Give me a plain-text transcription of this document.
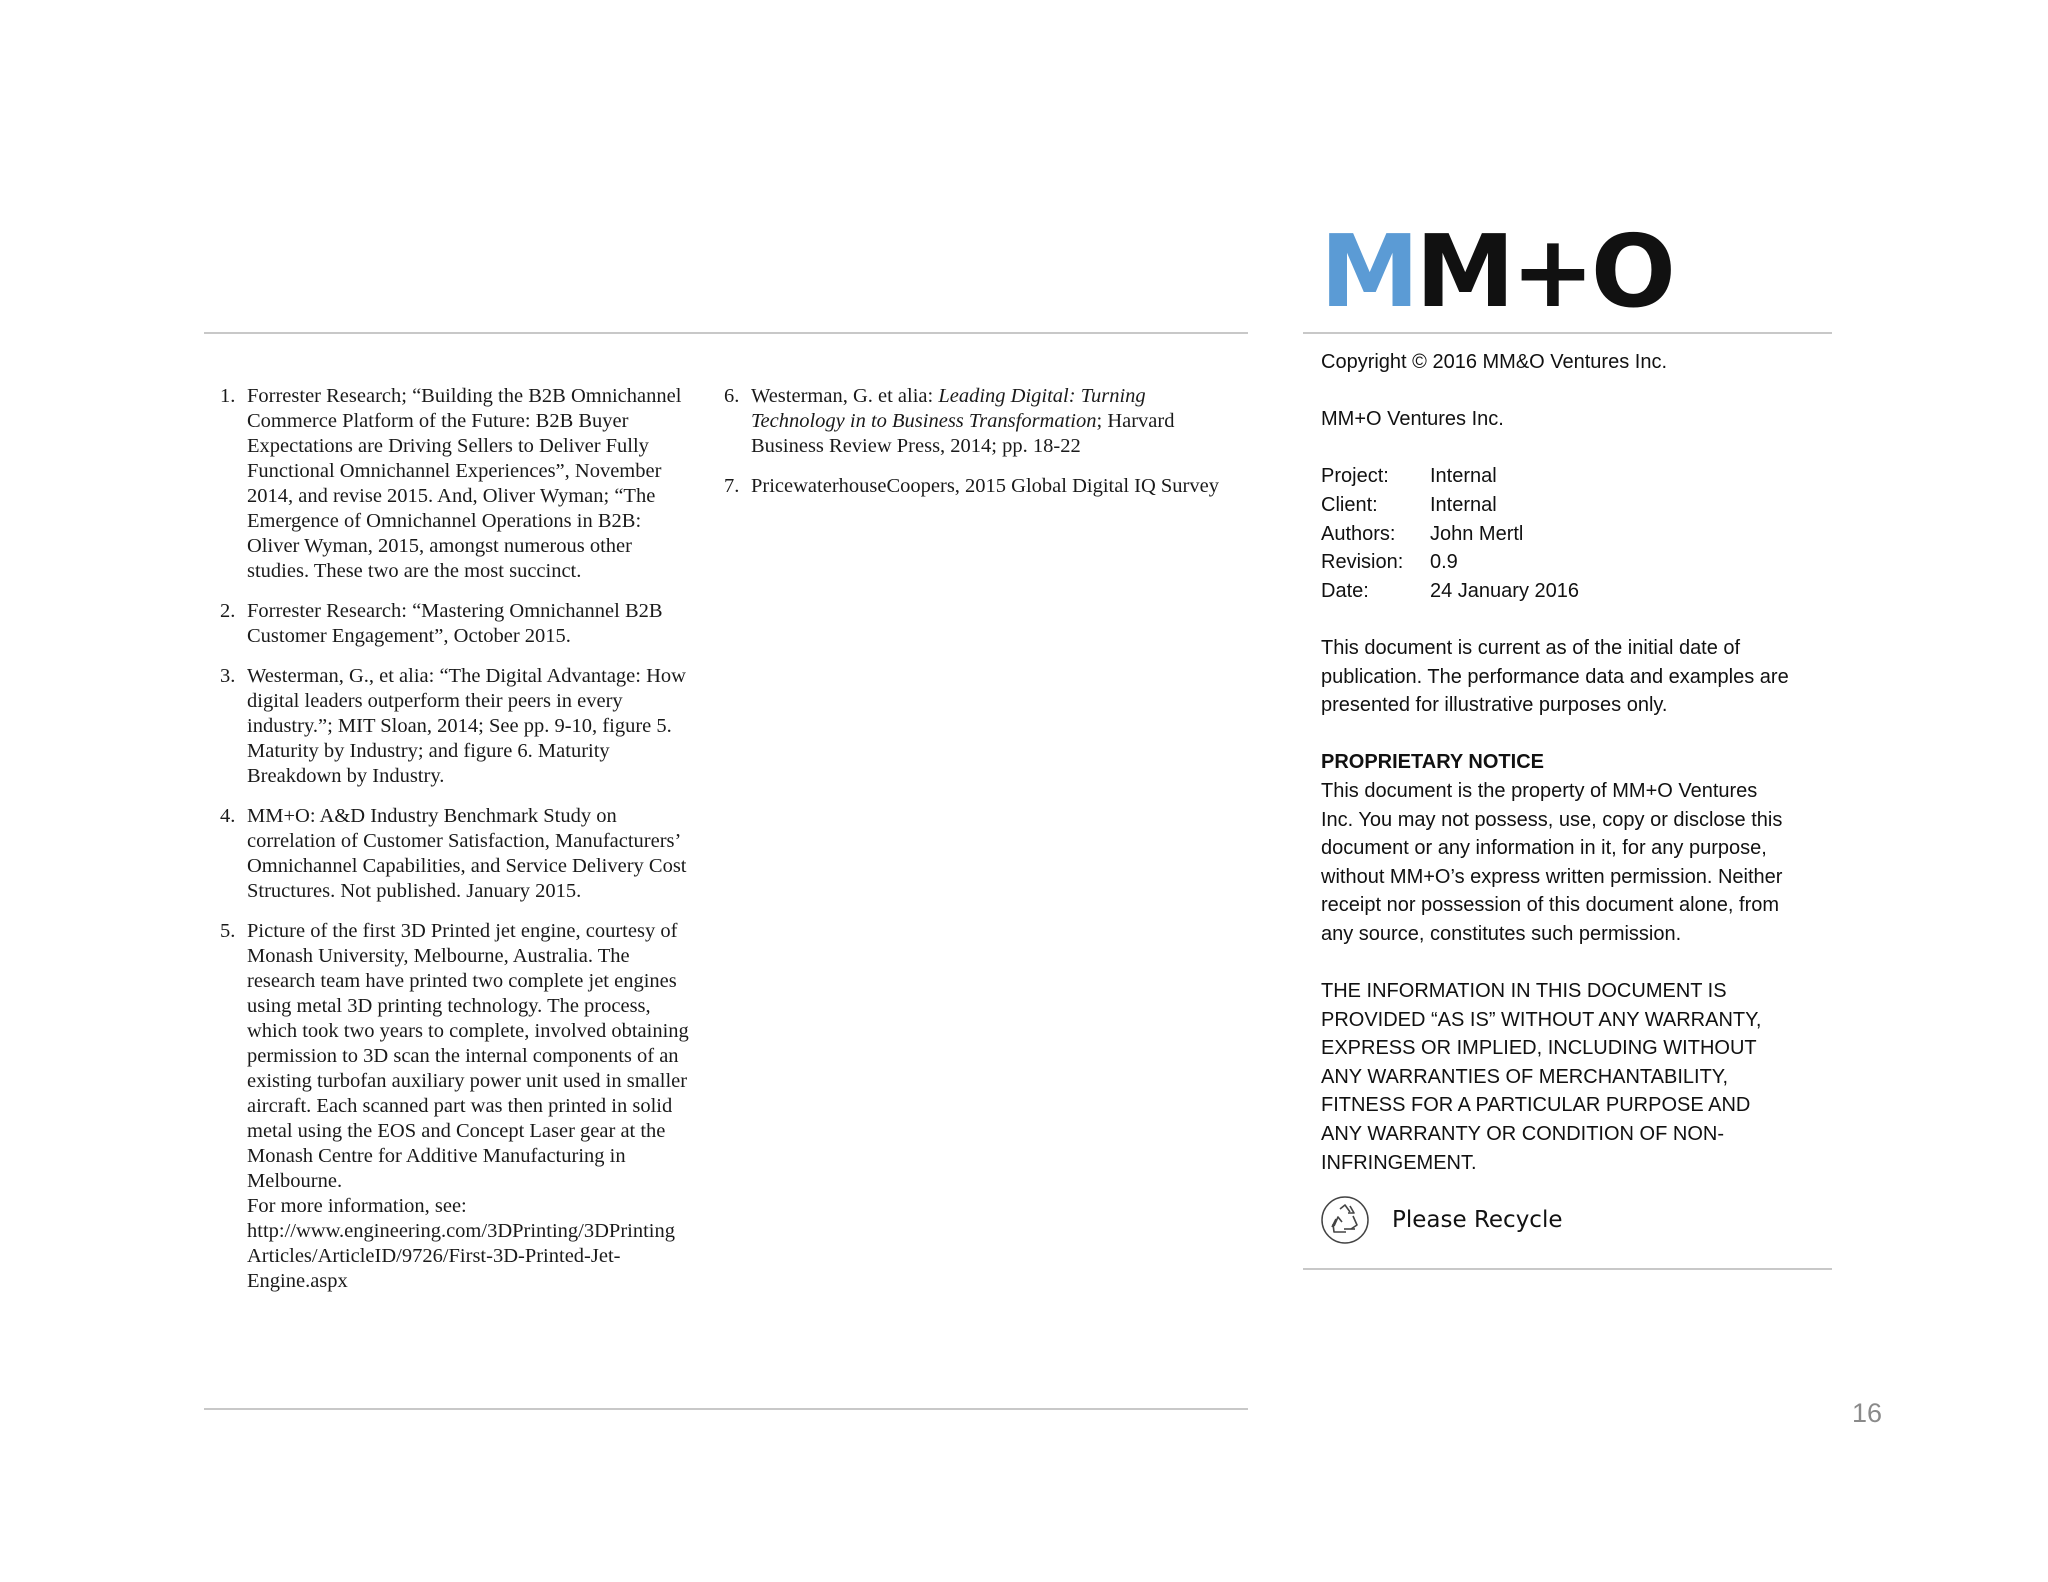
MM+O
1. Forrester Research; “Building the B2B Omnichannel Commerce Platform of the Future: B2B Buyer Expectations are Driving Sellers to Deliver Fully Functional Omnichannel Experiences”, November 2014, and revise 2015. And, Oliver Wyman; “The Emergence of Omnichannel Operations in B2B: Oliver Wyman, 2015, amongst numerous other studies. These two are the most succinct.
2. Forrester Research: “Mastering Omnichannel B2B Customer Engagement”, October 2015.
3. Westerman, G., et alia: “The Digital Advantage: How digital leaders outperform their peers in every industry.”; MIT Sloan, 2014; See pp. 9-10, figure 5. Maturity by Industry; and figure 6. Maturity Breakdown by Industry.
4. MM+O: A&D Industry Benchmark Study on correlation of Customer Satisfaction, Manufacturers’ Omnichannel Capabilities, and Service Delivery Cost Structures. Not published. January 2015.
5. Picture of the first 3D Printed jet engine, courtesy of Monash University, Melbourne, Australia. The research team have printed two complete jet engines using metal 3D printing technology. The process, which took two years to complete, involved obtaining permission to 3D scan the internal components of an existing turbofan auxiliary power unit used in smaller aircraft. Each scanned part was then printed in solid metal using the EOS and Concept Laser gear at the Monash Centre for Additive Manufacturing in Melbourne.
For more information, see:
http://www.engineering.com/3DPrinting/3DPrinting
Articles/ArticleID/9726/First-3D-Printed-Jet-
Engine.aspx
6. Westerman, G. et alia: Leading Digital: Turning Technology in to Business Transformation; Harvard Business Review Press, 2014; pp. 18-22
7. PricewaterhouseCoopers, 2015 Global Digital IQ Survey

Copyright © 2016 MM&O Ventures Inc.

MM+O Ventures Inc.

Project:	Internal
Client:	Internal
Authors:	John Mertl
Revision:	0.9
Date:	24 January 2016

This document is current as of the initial date of

publication. The performance data and examples are

presented for illustrative purposes only.

PROPRIETARY NOTICE

This document is the property of MM+O Ventures

Inc. You may not possess, use, copy or disclose this

document or any information in it, for any purpose,

without MM+O’s express written permission. Neither

receipt nor possession of this document alone, from

any source, constitutes such permission.

THE INFORMATION IN THIS DOCUMENT IS

PROVIDED “AS IS” WITHOUT ANY WARRANTY,

EXPRESS OR IMPLIED, INCLUDING WITHOUT

ANY WARRANTIES OF MERCHANTABILITY,

FITNESS FOR A PARTICULAR PURPOSE AND

ANY WARRANTY OR CONDITION OF NON-

INFRINGEMENT.

Please Recycle
16
